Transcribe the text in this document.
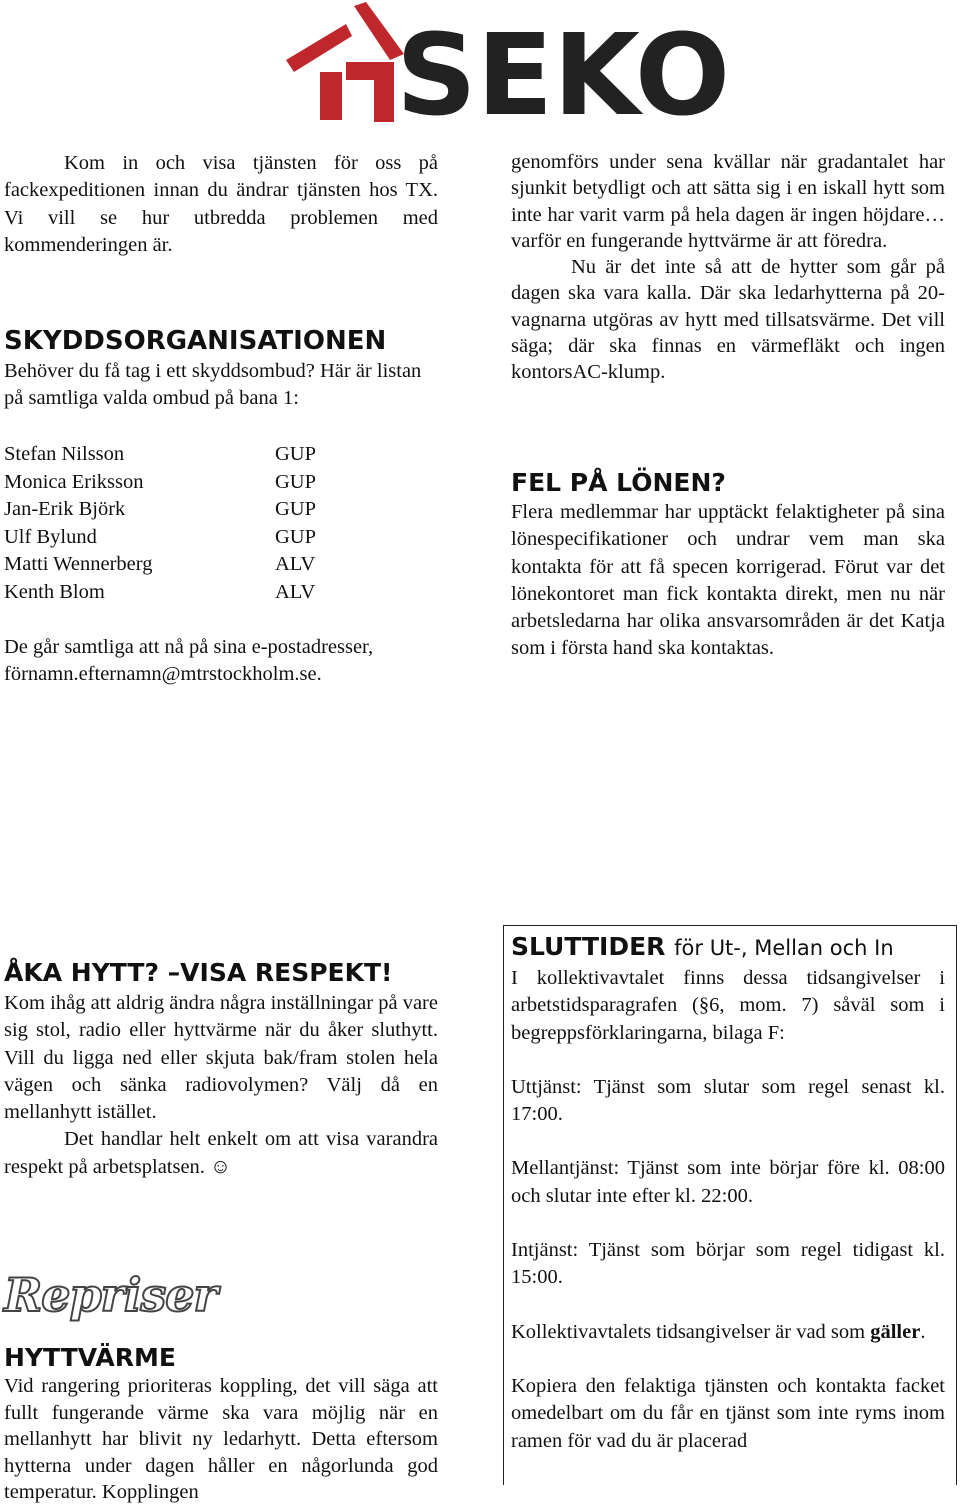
SEKO

Kom in och visa tjänsten för oss på fackexpeditionen innan du ändrar tjänsten hos TX. Vi vill se hur utbredda problemen med kommenderingen är.

SKYDDSORGANISATIONEN

Behöver du få tag i ett skyddsombud? Här är listan på samtliga valda ombud på bana 1:

Stefan Nilsson	GUP
Monica Eriksson	GUP
Jan-Erik Björk	GUP
Ulf Bylund	GUP
Matti Wennerberg	ALV
Kenth Blom	ALV

De går samtliga att nå på sina e-postadresser, förnamn.efternamn@mtrstockholm.se.

genomförs under sena kvällar när gradantalet har sjunkit betydligt och att sätta sig i en iskall hytt som inte har varit varm på hela dagen är ingen höjdare… varför en fungerande hyttvärme är att föredra.

Nu är det inte så att de hytter som går på dagen ska vara kalla. Där ska ledarhytterna på 20-vagnarna utgöras av hytt med tillsatsvärme. Det vill säga; där ska finnas en värmefläkt och ingen kontorsAC-klump.

FEL PÅ LÖNEN?

Flera medlemmar har upptäckt felaktigheter på sina lönespecifikationer och undrar vem man ska kontakta för att få specen korrigerad. Förut var det lönekontoret man fick kontakta direkt, men nu när arbetsledarna har olika ansvarsområden är det Katja som i första hand ska kontaktas.

ÅKA HYTT? –VISA RESPEKT!

Kom ihåg att aldrig ändra några inställningar på vare sig stol, radio eller hyttvärme när du åker sluthytt. Vill du ligga ned eller skjuta bak/fram stolen hela vägen och sänka radiovolymen? Välj då en mellanhytt istället.

Det handlar helt enkelt om att visa varandra respekt på arbetsplatsen. ☺

Repriser
HYTTVÄRME

Vid rangering prioriteras koppling, det vill säga att fullt fungerande värme ska vara möjlig när en mellanhytt har blivit ny ledarhytt. Detta eftersom hytterna under dagen håller en någorlunda god temperatur. Kopplingen

SLUTTIDER för Ut-, Mellan och In

I kollektivavtalet finns dessa tidsangivelser i arbetstidsparagrafen (§6, mom. 7) såväl som i begreppsförklaringarna, bilaga F:

Uttjänst: Tjänst som slutar som regel senast kl. 17:00.

Mellantjänst: Tjänst som inte börjar före kl. 08:00 och slutar inte efter kl. 22:00.

Intjänst: Tjänst som börjar som regel tidigast kl. 15:00.

Kollektivavtalets tidsangivelser är vad som gäller.

Kopiera den felaktiga tjänsten och kontakta facket omedelbart om du får en tjänst som inte ryms inom ramen för vad du är placerad
